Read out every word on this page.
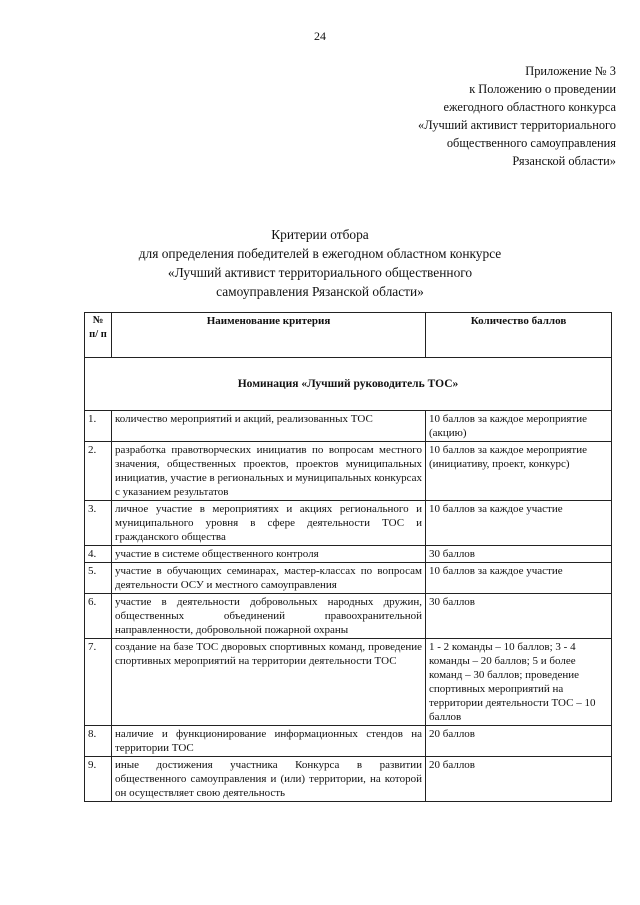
24
Приложение № 3
к Положению о проведении
ежегодного областного конкурса
«Лучший активист территориального
общественного самоуправления
Рязанской области»
Критерии отбора
для определения победителей в ежегодном областном конкурсе
«Лучший активист территориального общественного
самоуправления Рязанской области»
№ п/ п	Наименование критерия	Количество баллов
Номинация «Лучший руководитель ТОС»		
1.	количество мероприятий и акций, реализованных ТОС	10 баллов за каждое мероприятие (акцию)
2.	разработка правотворческих инициатив по вопросам местного значения, общественных проектов, проектов муниципальных инициатив, участие в региональных и муниципальных конкурсах с указанием результатов	10 баллов за каждое мероприятие (инициативу, проект, конкурс)
3.	личное участие в мероприятиях и акциях регионального и муниципального уровня в сфере деятельности ТОС и гражданского общества	10 баллов за каждое участие
4.	участие в системе общественного контроля	30 баллов
5.	участие в обучающих семинарах, мастер-классах по вопросам деятельности ОСУ и местного самоуправления	10 баллов за каждое участие
6.	участие в деятельности добровольных народных дружин, общественных объединений правоохранительной направленности, добровольной пожарной охраны	30 баллов
7.	создание на базе ТОС дворовых спортивных команд, проведение спортивных мероприятий на территории деятельности ТОС	1 - 2 команды – 10 баллов; 3 - 4 команды – 20 баллов; 5 и более команд – 30 баллов; проведение спортивных мероприятий на территории деятельности ТОС – 10 баллов
8.	наличие и функционирование информационных стендов на территории ТОС	20 баллов
9.	иные достижения участника Конкурса в развитии общественного самоуправления и (или) территории, на которой он осуществляет свою деятельность	20 баллов
